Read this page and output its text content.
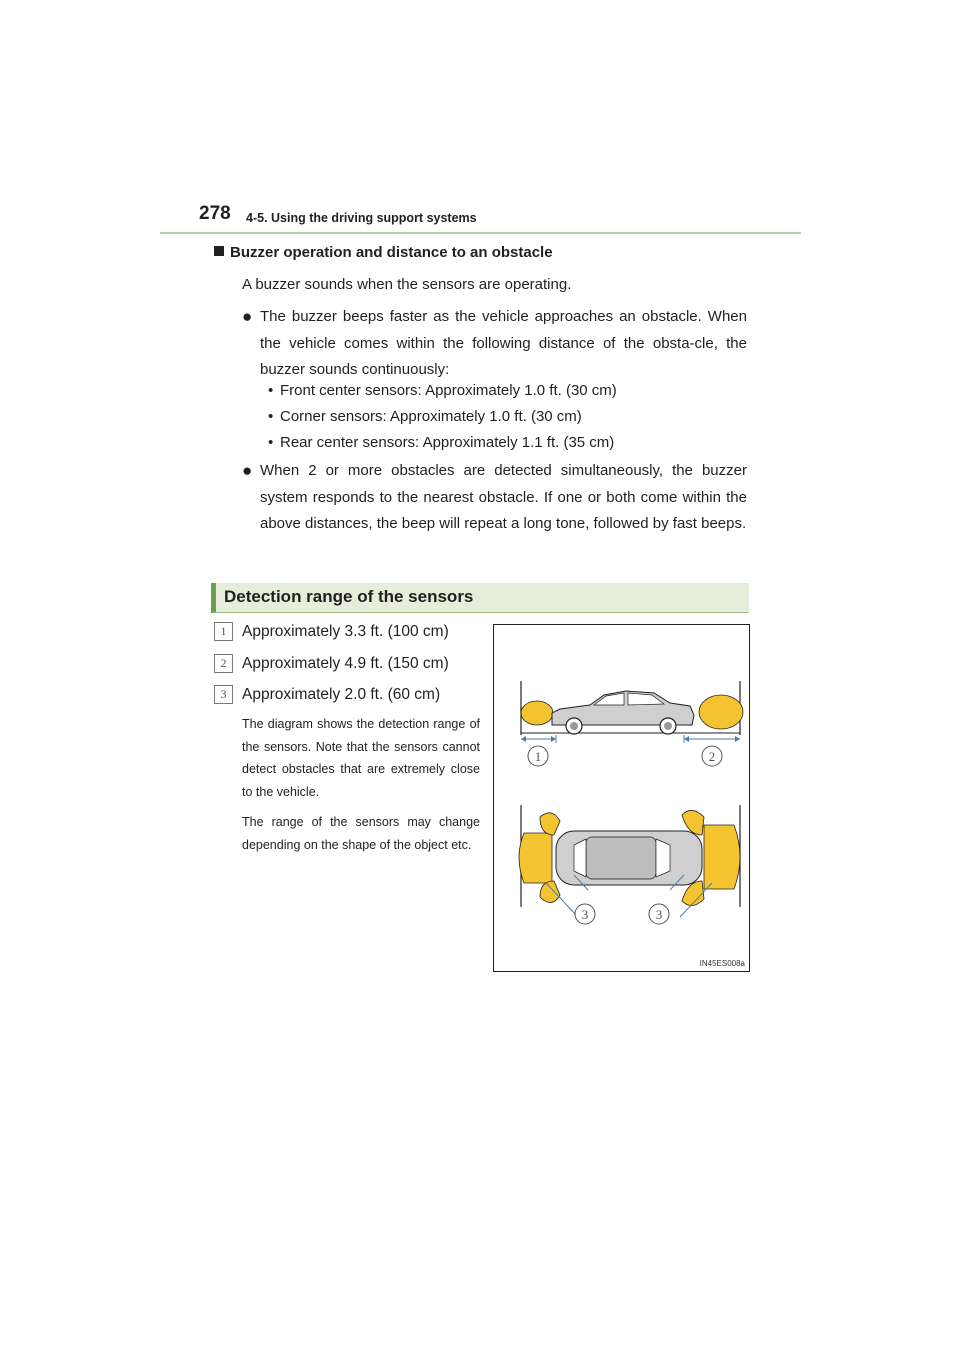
278 4-5. Using the driving support systems
Buzzer operation and distance to an obstacle
A buzzer sounds when the sensors are operating.
● The buzzer beeps faster as the vehicle approaches an obstacle. When the vehicle comes within the following distance of the obsta-cle, the buzzer sounds continuously:
• Front center sensors: Approximately 1.0 ft. (30 cm)
• Corner sensors: Approximately 1.0 ft. (30 cm)
• Rear center sensors: Approximately 1.1 ft. (35 cm)
● When 2 or more obstacles are detected simultaneously, the buzzer system responds to the nearest obstacle. If one or both come within the above distances, the beep will repeat a long tone, followed by fast beeps.
Detection range of the sensors
1 Approximately 3.3 ft. (100 cm)
2 Approximately 4.9 ft. (150 cm)
3 Approximately 2.0 ft. (60 cm)
The diagram shows the detection range of the sensors. Note that the sensors cannot detect obstacles that are extremely close to the vehicle.
The range of the sensors may change depending on the shape of the object etc.
1	2
3	3
IN45ES008a
